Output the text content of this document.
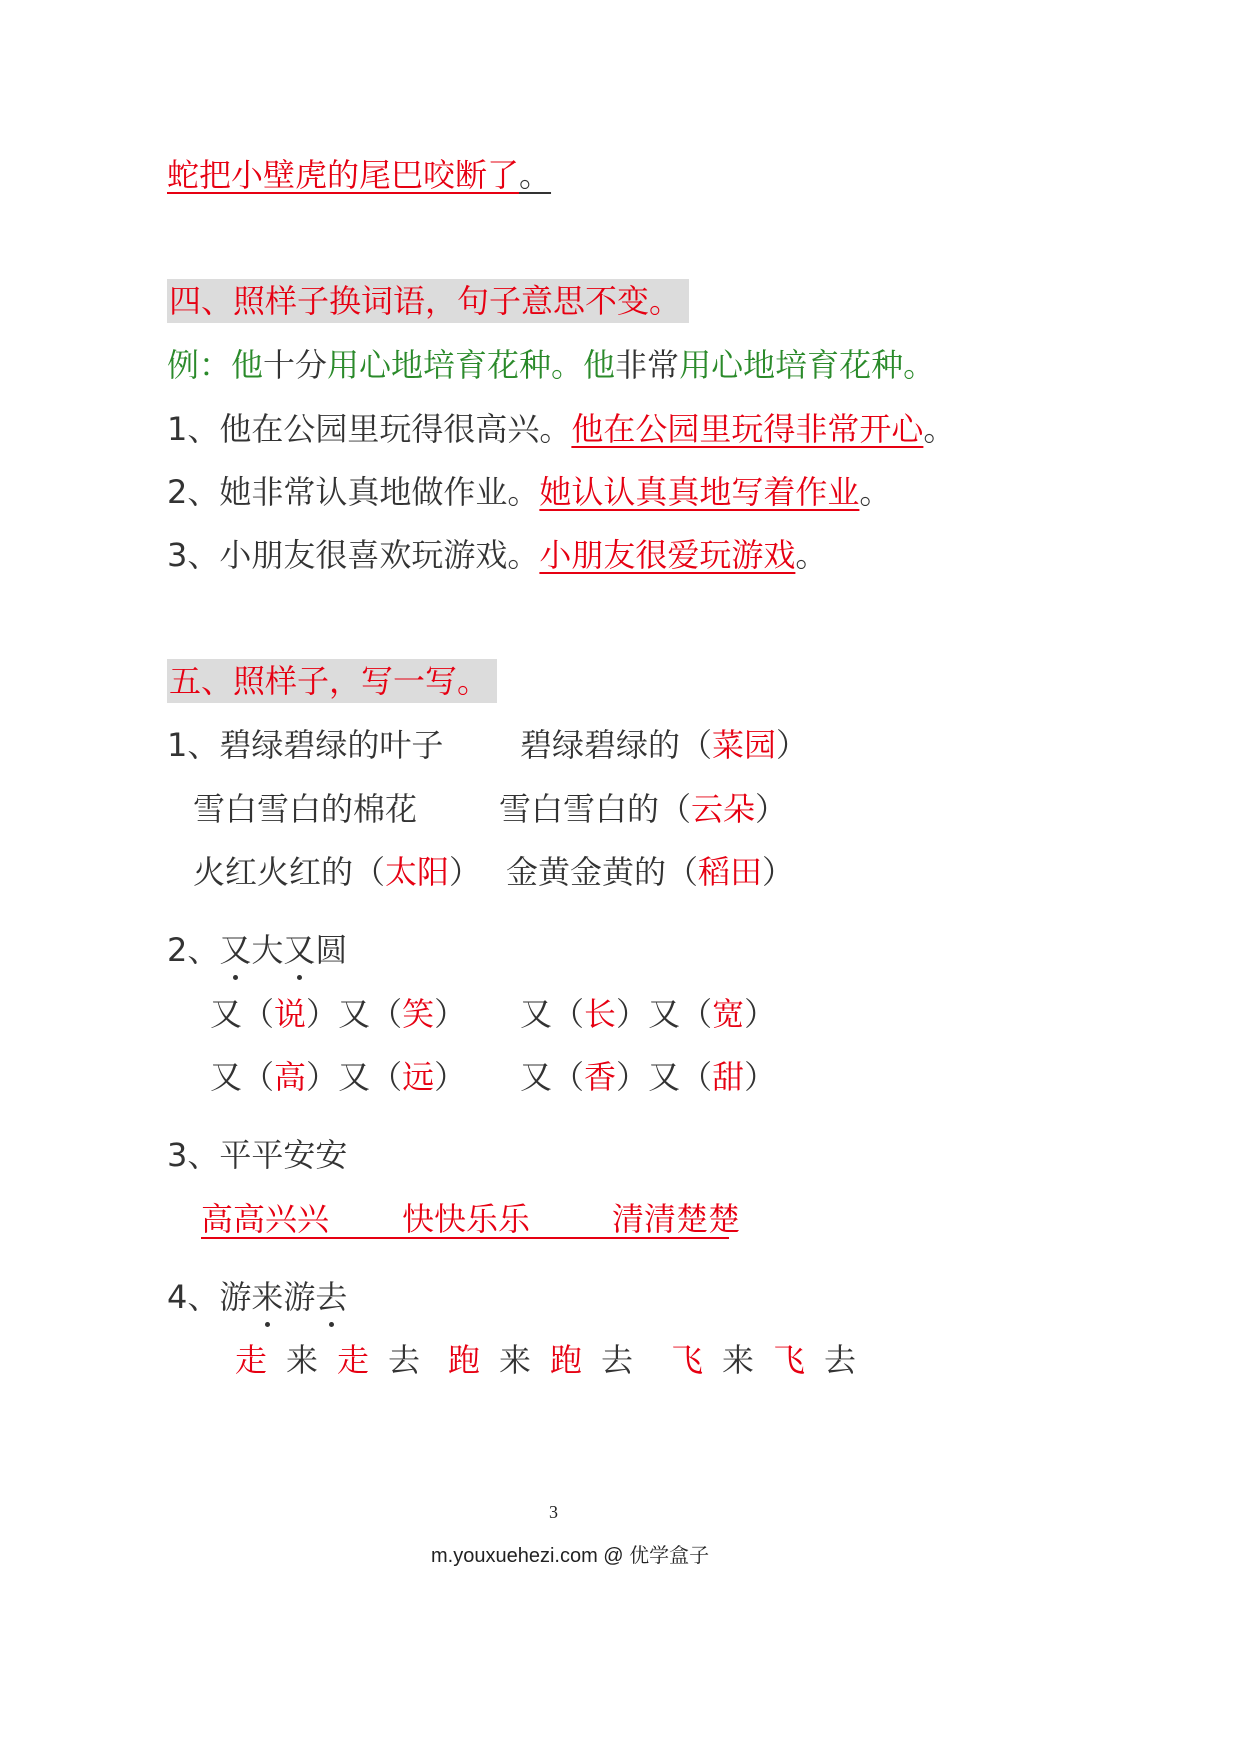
蛇把小壁虎的尾巴咬断了。
四、照样子换词语，句子意思不变。
例：他十分用心地培育花种。他非常用心地培育花种。
1、他在公园里玩得很高兴。他在公园里玩得非常开心。
2、她非常认真地做作业。她认认真真地写着作业。
3、小朋友很喜欢玩游戏。小朋友很爱玩游戏。
五、照样子，写一写。
1、碧绿碧绿的叶子 碧绿碧绿的（菜园）
雪白雪白的棉花	雪白雪白的（云朵）
火红火红的（太阳） 金黄金黄的（稻田）
2、又大又圆
又（说）又（笑） 又（长）又（宽）
又（高）又（远） 又（香）又（甜）
3、平平安安
高高兴兴 快快乐乐	清清楚楚
4、游来游去
走 来 走 去 跑 来 跑 去	飞 来 飞 去
3
m.youxuehezi.com @ 优学盒子
